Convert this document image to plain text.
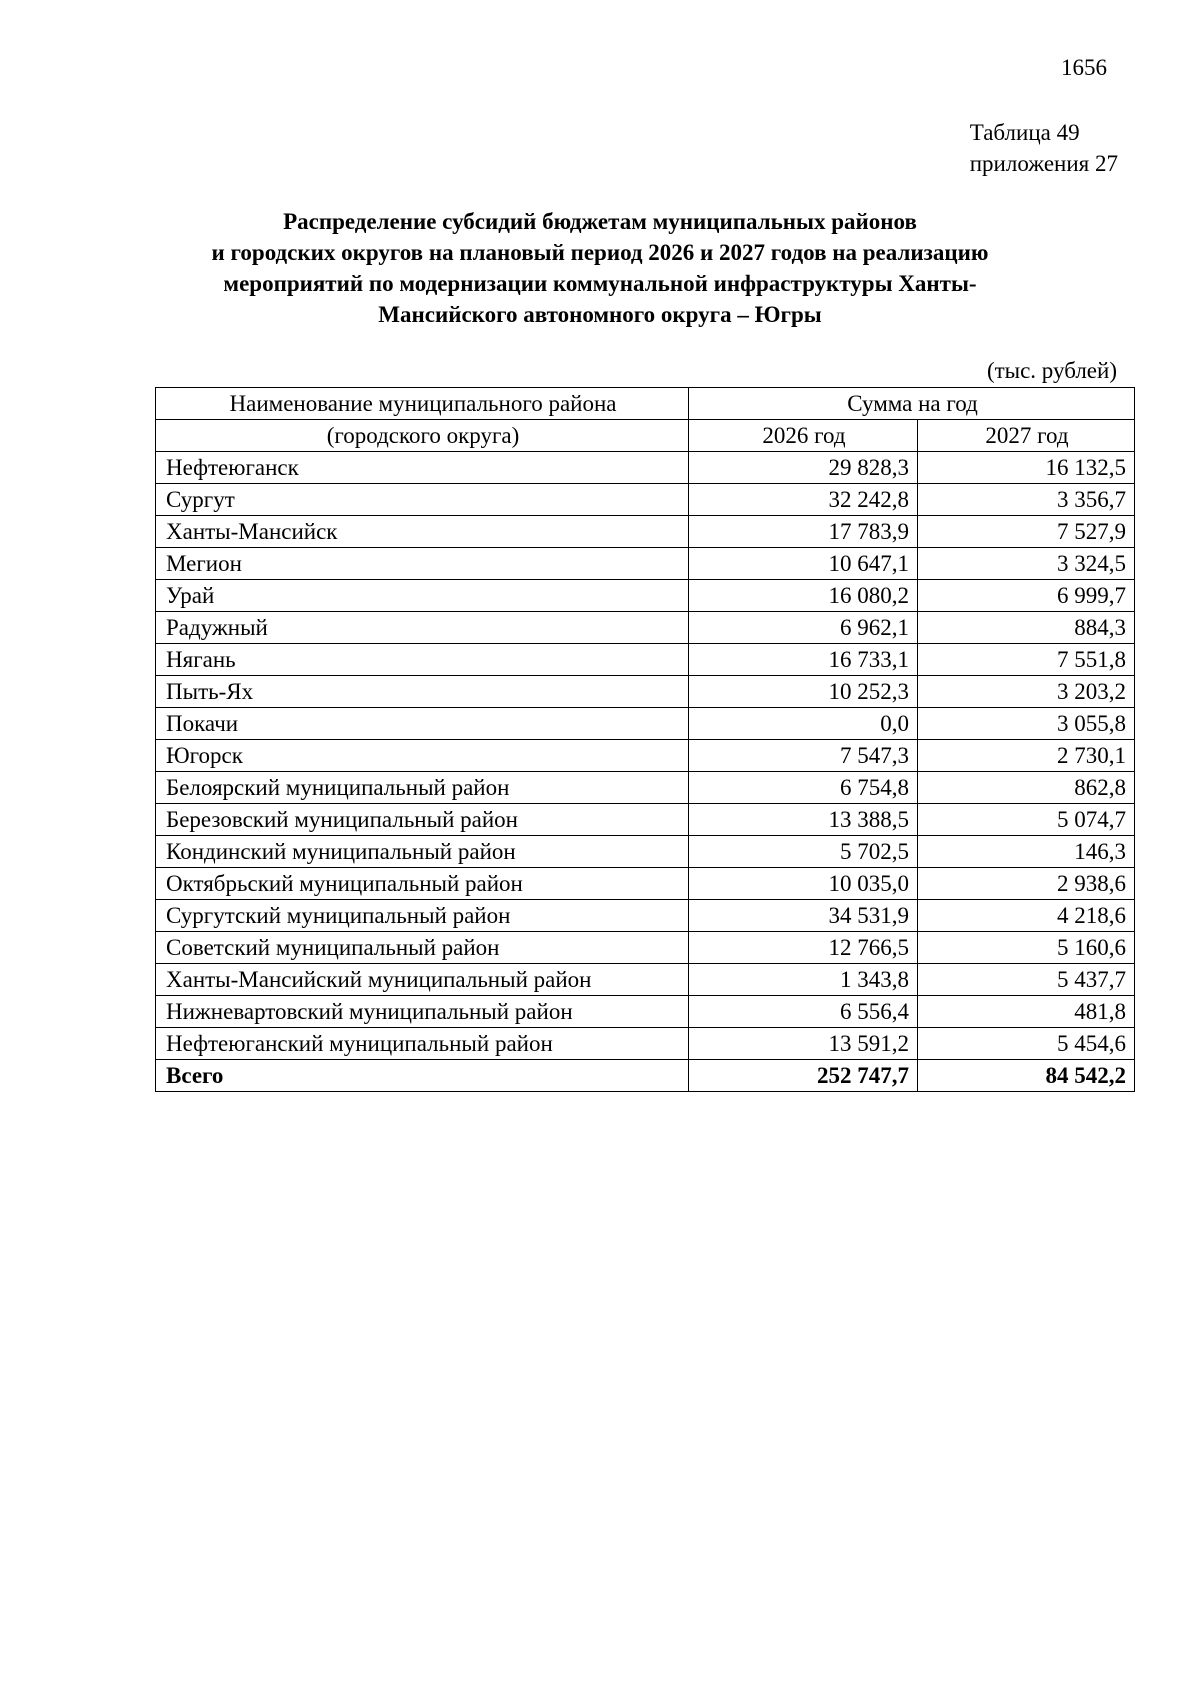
1656
Таблица 49
приложения 27
Распределение субсидий бюджетам муниципальных районов
и городских округов на плановый период 2026 и 2027 годов на реализацию
мероприятий по модернизации коммунальной инфраструктуры Ханты-
Мансийского автономного округа – Югры
(тыс. рублей)
Наименование муниципального района	Сумма на год	
(городского округа)	2026 год	2027 год
Нефтеюганск	29 828,3	16 132,5
Сургут	32 242,8	3 356,7
Ханты-Мансийск	17 783,9	7 527,9
Мегион	10 647,1	3 324,5
Урай	16 080,2	6 999,7
Радужный	6 962,1	884,3
Нягань	16 733,1	7 551,8
Пыть-Ях	10 252,3	3 203,2
Покачи	0,0	3 055,8
Югорск	7 547,3	2 730,1
Белоярский муниципальный район	6 754,8	862,8
Березовский муниципальный район	13 388,5	5 074,7
Кондинский муниципальный район	5 702,5	146,3
Октябрьский муниципальный район	10 035,0	2 938,6
Сургутский муниципальный район	34 531,9	4 218,6
Советский муниципальный район	12 766,5	5 160,6
Ханты-Мансийский муниципальный район	1 343,8	5 437,7
Нижневартовский муниципальный район	6 556,4	481,8
Нефтеюганский муниципальный район	13 591,2	5 454,6
Всего	252 747,7	84 542,2
